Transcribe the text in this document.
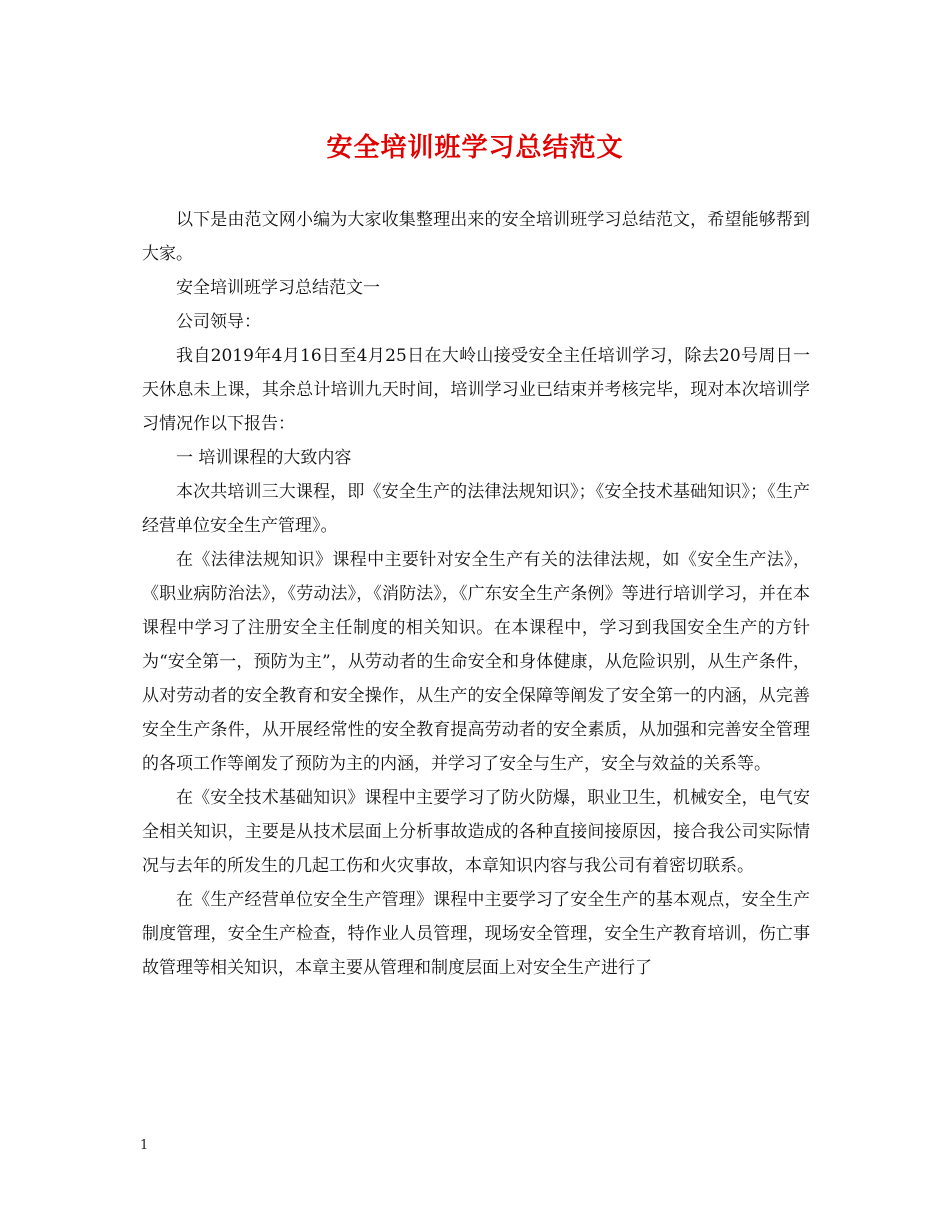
安全培训班学习总结范文

以下是由范文网小编为大家收集整理出来的安全培训班学习总结范文，希望能够帮到大家。

安全培训班学习总结范文一

公司领导：

我自2019年4月16日至4月25日在大岭山接受安全主任培训学习，除去20号周日一天休息未上课，其余总计培训九天时间，培训学习业已结束并考核完毕，现对本次培训学习情况作以下报告：

一 培训课程的大致内容

本次共培训三大课程，即《安全生产的法律法规知识》；《安全技术基础知识》；《生产经营单位安全生产管理》。

在《法律法规知识》课程中主要针对安全生产有关的法律法规，如《安全生产法》，《职业病防治法》，《劳动法》，《消防法》，《广东安全生产条例》等进行培训学习，并在本课程中学习了注册安全主任制度的相关知识。在本课程中，学习到我国安全生产的方针为“安全第一，预防为主”，从劳动者的生命安全和身体健康，从危险识别，从生产条件，从对劳动者的安全教育和安全操作，从生产的安全保障等阐发了安全第一的内涵，从完善安全生产条件，从开展经常性的安全教育提高劳动者的安全素质，从加强和完善安全管理的各项工作等阐发了预防为主的内涵，并学习了安全与生产，安全与效益的关系等。

在《安全技术基础知识》课程中主要学习了防火防爆，职业卫生，机械安全，电气安全相关知识，主要是从技术层面上分析事故造成的各种直接间接原因，接合我公司实际情况与去年的所发生的几起工伤和火灾事故，本章知识内容与我公司有着密切联系。

在《生产经营单位安全生产管理》课程中主要学习了安全生产的基本观点，安全生产制度管理，安全生产检查，特作业人员管理，现场安全管理，安全生产教育培训，伤亡事故管理等相关知识，本章主要从管理和制度层面上对安全生产进行了

1
